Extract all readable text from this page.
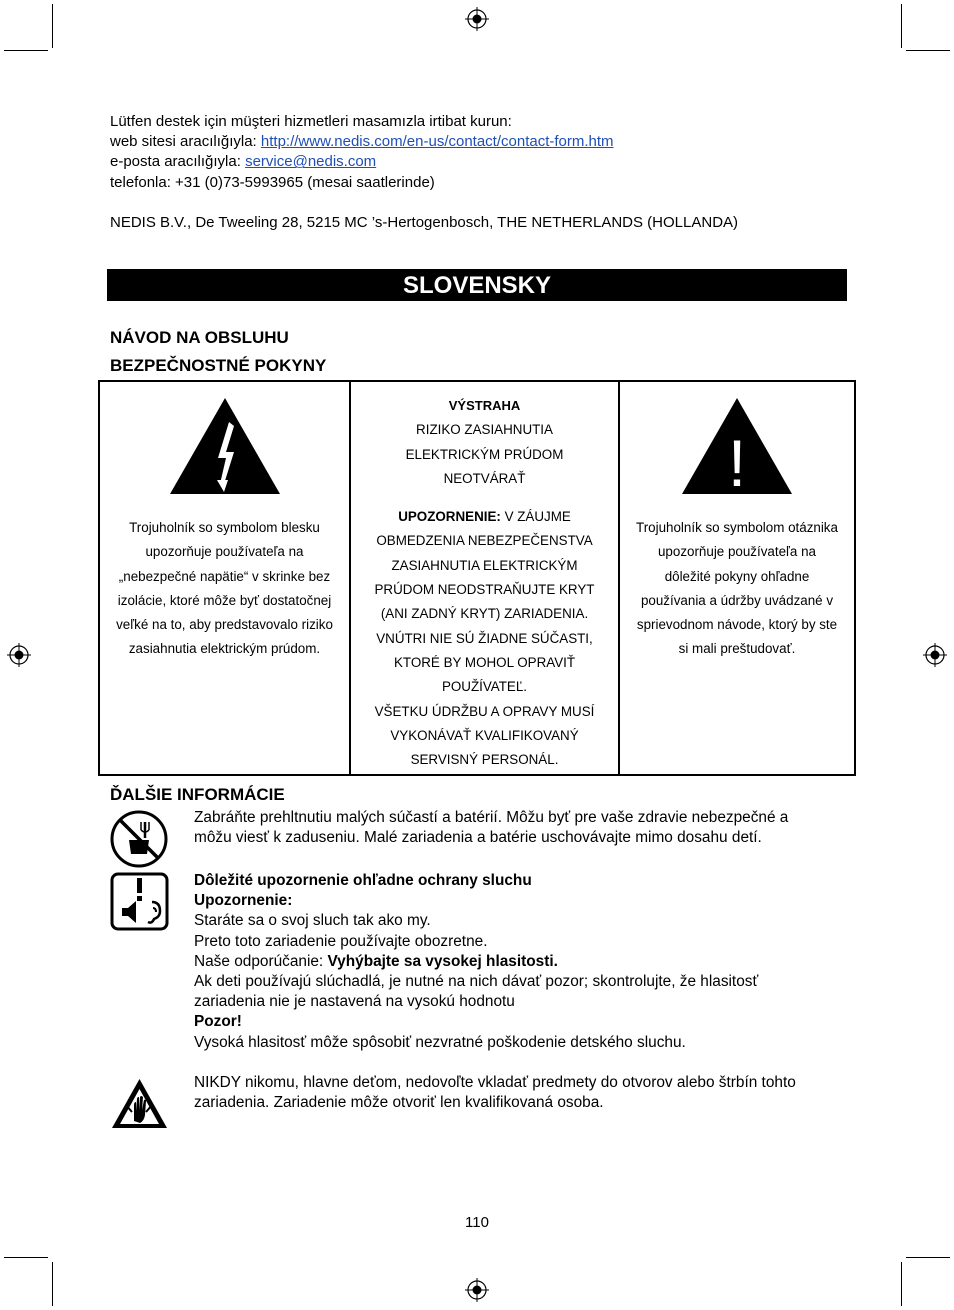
Lütfen destek için müşteri hizmetleri masamızla irtibat kurun:

web sitesi aracılığıyla: http://www.nedis.com/en-us/contact/contact-form.htm

e-posta aracılığıyla: service@nedis.com

telefonla: +31 (0)73-5993965 (mesai saatlerinde)

NEDIS B.V., De Tweeling 28, 5215 MC ’s-Hertogenbosch, THE NETHERLANDS (HOLLANDA)
SLOVENSKY
NÁVOD NA OBSLUHU
BEZPEČNOSTNÉ POKYNY

Trojuholník so symbolom blesku

upozorňuje používateľa na

„nebezpečné napätie“ v skrinke bez

izolácie, ktoré môže byť dostatočnej

veľké na to, aby predstavovalo riziko

zasiahnutia elektrickým prúdom.

VÝSTRAHA

RIZIKO ZASIAHNUTIA

ELEKTRICKÝM PRÚDOM

NEOTVÁRAŤ

UPOZORNENIE: V ZÁUJME

OBMEDZENIA NEBEZPEČENSTVA

ZASIAHNUTIA ELEKTRICKÝM

PRÚDOM NEODSTRAŇUJTE KRYT

(ANI ZADNÝ KRYT) ZARIADENIA.

VNÚTRI NIE SÚ ŽIADNE SÚČASTI,

KTORÉ BY MOHOL OPRAVIŤ

POUŽÍVATEĽ.

VŠETKU ÚDRŽBU A OPRAVY MUSÍ

VYKONÁVAŤ KVALIFIKOVANÝ

SERVISNÝ PERSONÁL.

!

Trojuholník so symbolom otáznika

upozorňuje používateľa na

dôležité pokyny ohľadne

používania a údržby uvádzané v

sprievodnom návode, ktorý by ste

si mali preštudovať.

ĎALŠIE INFORMÁCIE

Zabráňte prehltnutiu malých súčastí a batérií. Môžu byť pre vaše zdravie nebezpečné a

môžu viesť k zaduseniu. Malé zariadenia a batérie uschovávajte mimo dosahu detí.

Dôležité upozornenie ohľadne ochrany sluchu

Upozornenie:

Staráte sa o svoj sluch tak ako my.

Preto toto zariadenie používajte obozretne.

Naše odporúčanie: Vyhýbajte sa vysokej hlasitosti.

Ak deti používajú slúchadlá, je nutné na nich dávať pozor; skontrolujte, že hlasitosť

zariadenia nie je nastavená na vysokú hodnotu

Pozor!

Vysoká hlasitosť môže spôsobiť nezvratné poškodenie detského sluchu.

NIKDY nikomu, hlavne deťom, nedovoľte vkladať predmety do otvorov alebo štrbín tohto

zariadenia. Zariadenie môže otvoriť len kvalifikovaná osoba.

110
